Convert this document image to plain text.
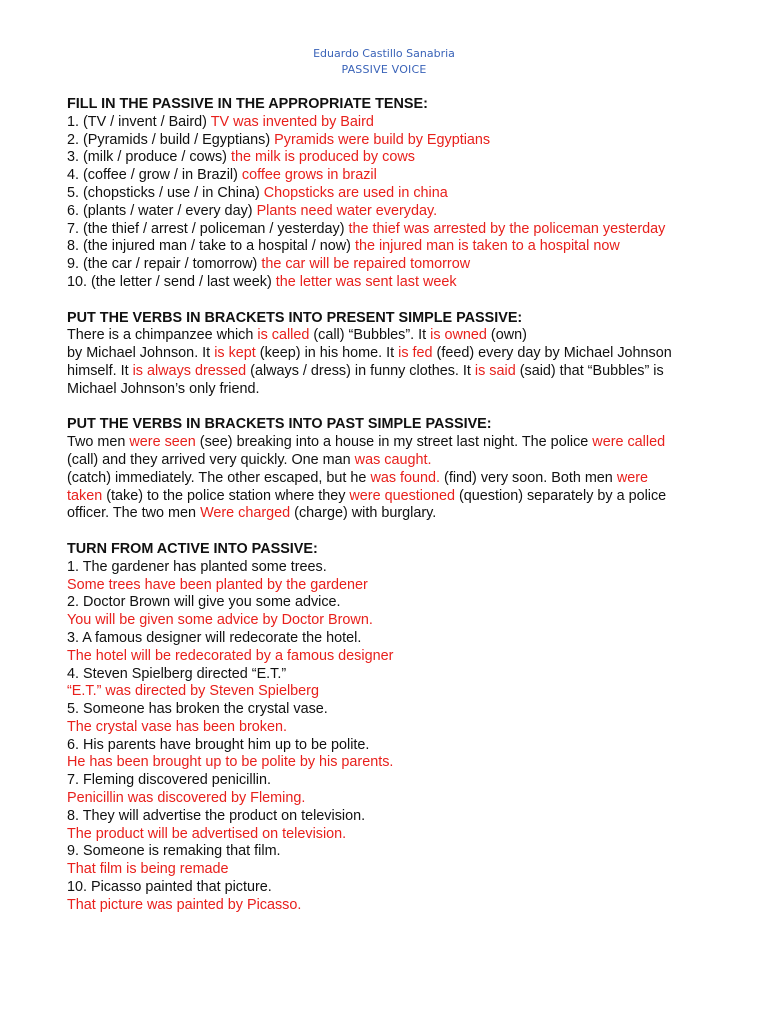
Eduardo Castillo Sanabria
PASSIVE VOICE
FILL IN THE PASSIVE IN THE APPROPRIATE TENSE:
1. (TV / invent / Baird) TV was invented by Baird
2. (Pyramids / build / Egyptians) Pyramids were build by Egyptians
3. (milk / produce / cows) the milk is produced by cows
4. (coffee / grow / in Brazil) coffee grows in brazil
5. (chopsticks / use / in China) Chopsticks are used in china
6. (plants / water / every day) Plants need water everyday.
7. (the thief / arrest / policeman / yesterday) the thief was arrested by the policeman yesterday
8. (the injured man / take to a hospital / now) the injured man is taken to a hospital now
9. (the car / repair / tomorrow) the car will be repaired tomorrow
10. (the letter / send / last week) the letter was sent last week
PUT THE VERBS IN BRACKETS INTO PRESENT SIMPLE PASSIVE:
There is a chimpanzee which is called (call) “Bubbles”. It is owned (own)
by Michael Johnson. It is kept (keep) in his home. It is fed (feed) every day by Michael Johnson
himself. It is always dressed (always / dress) in funny clothes. It is said (said) that “Bubbles” is
Michael Johnson’s only friend.
PUT THE VERBS IN BRACKETS INTO PAST SIMPLE PASSIVE:
Two men were seen (see) breaking into a house in my street last night. The police were called
(call) and they arrived very quickly. One man was caught.
(catch) immediately. The other escaped, but he was found. (find) very soon. Both men were
taken (take) to the police station where they were questioned (question) separately by a police
officer. The two men Were charged (charge) with burglary.
TURN FROM ACTIVE INTO PASSIVE:
1. The gardener has planted some trees.
Some trees have been planted by the gardener
2. Doctor Brown will give you some advice.
You will be given some advice by Doctor Brown.
3. A famous designer will redecorate the hotel.
The hotel will be redecorated by a famous designer
4. Steven Spielberg directed “E.T.”
“E.T.” was directed by Steven Spielberg
5. Someone has broken the crystal vase.
The crystal vase has been broken.
6. His parents have brought him up to be polite.
He has been brought up to be polite by his parents.
7. Fleming discovered penicillin.
Penicillin was discovered by Fleming.
8. They will advertise the product on television.
The product will be advertised on television.
9. Someone is remaking that film.
That film is being remade
10. Picasso painted that picture.
That picture was painted by Picasso.
